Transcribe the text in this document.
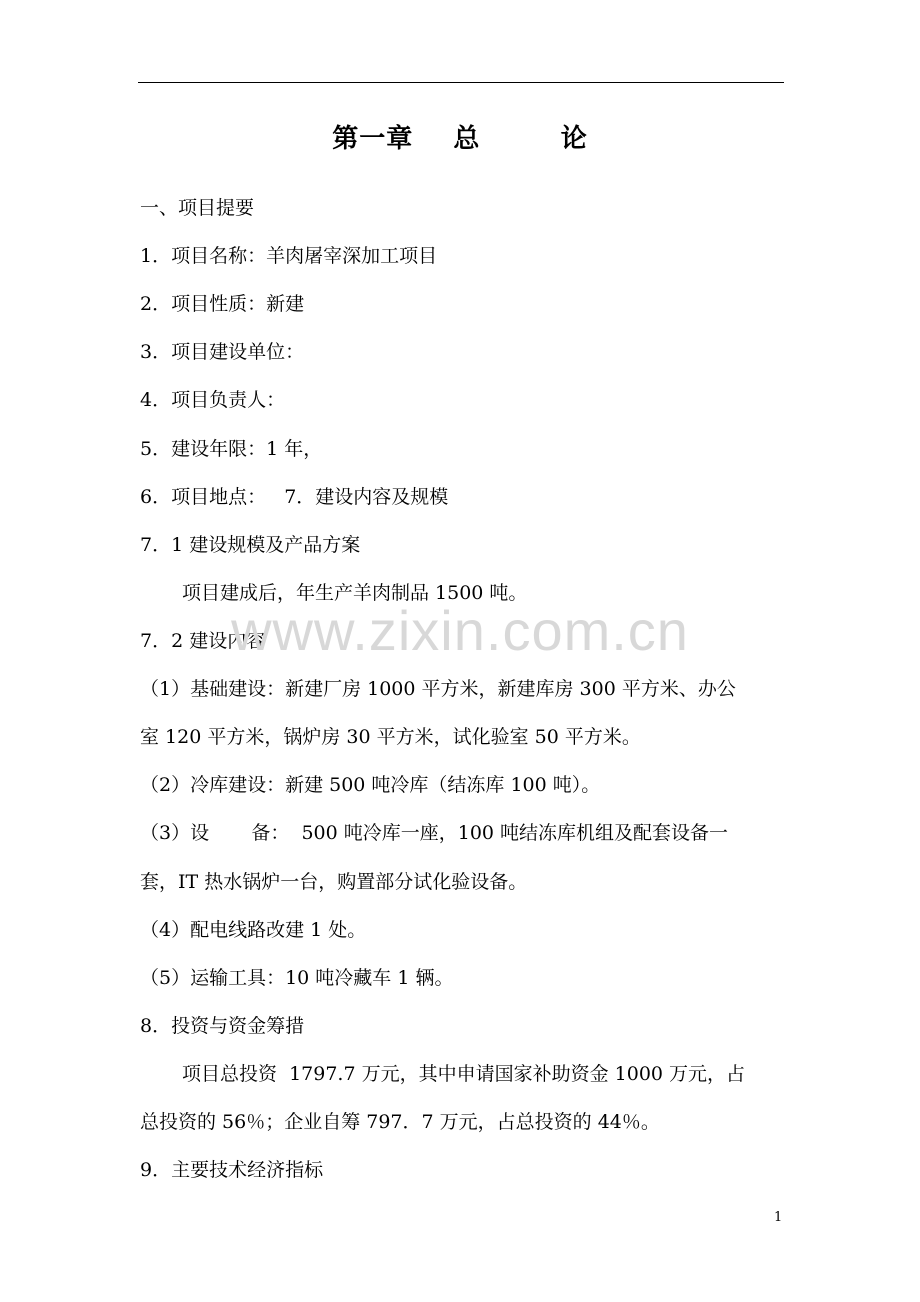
第一章    总        论
一、项目提要
1．项目名称：羊肉屠宰深加工项目
2．项目性质：新建
3．项目建设单位：
4．项目负责人：
5．建设年限：1 年，
6．项目地点：   7．建设内容及规模
7．1 建设规模及产品方案
项目建成后，年生产羊肉制品 1500 吨。
7．2 建设内容
（1）基础建设：新建厂房 1000 平方米，新建库房 300 平方米、办公
室 120 平方米，锅炉房 30 平方米，试化验室 50 平方米。
（2）冷库建设：新建 500 吨冷库（结冻库 100 吨）。
（3）设       备：  500 吨冷库一座，100 吨结冻库机组及配套设备一
套，IT 热水锅炉一台，购置部分试化验设备。
（4）配电线路改建 1 处。
（5）运输工具：10 吨冷藏车 1 辆。
8．投资与资金筹措
项目总投资  1797.7 万元，其中申请国家补助资金 1000 万元，占
总投资的 56％；企业自筹 797．7 万元，占总投资的 44％。
9．主要技术经济指标
www.zixin.com.cn
1
